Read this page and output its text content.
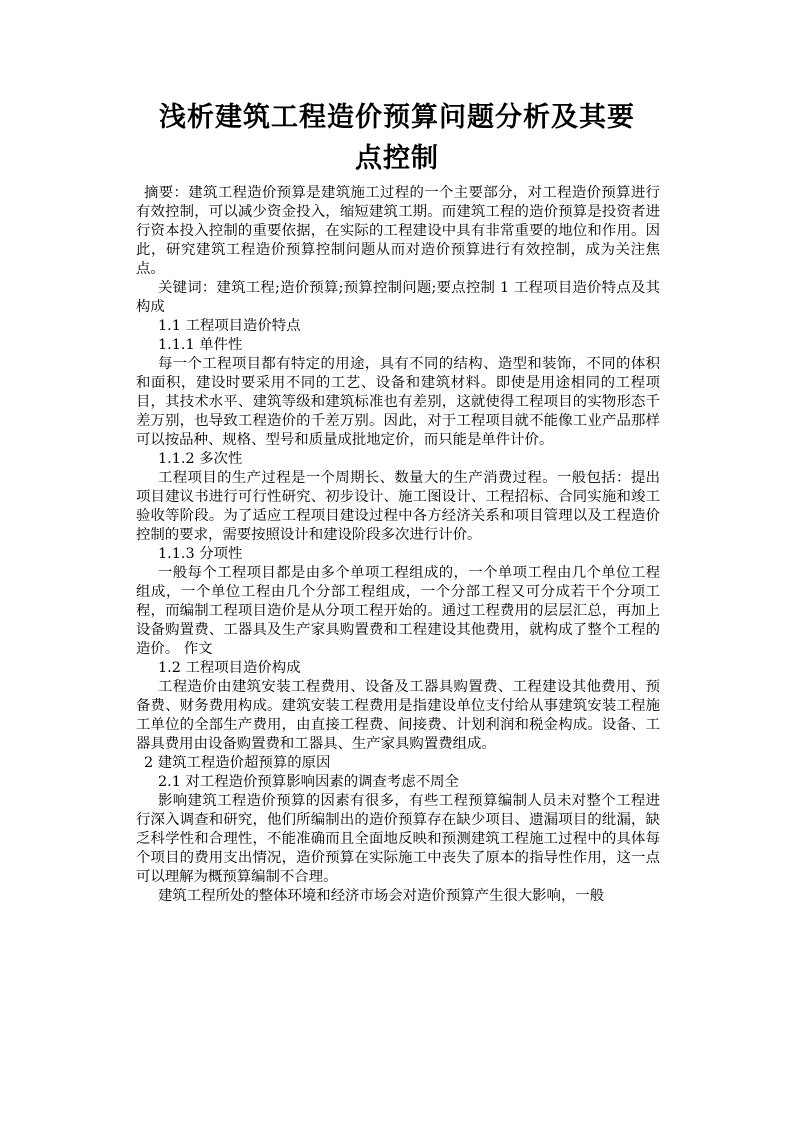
浅析建筑工程造价预算问题分析及其要
点控制

摘要：建筑工程造价预算是建筑施工过程的一个主要部分，对工程造价预算进行有效控制，可以减少资金投入，缩短建筑工期。而建筑工程的造价预算是投资者进行资本投入控制的重要依据，在实际的工程建设中具有非常重要的地位和作用。因此，研究建筑工程造价预算控制问题从而对造价预算进行有效控制，成为关注焦点。

关键词：建筑工程;造价预算;预算控制问题;要点控制 1 工程项目造价特点及其构成

1.1 工程项目造价特点

1.1.1 单件性

每一个工程项目都有特定的用途，具有不同的结构、造型和装饰，不同的体积和面积，建设时要采用不同的工艺、设备和建筑材料。即使是用途相同的工程项目，其技术水平、建筑等级和建筑标准也有差别，这就使得工程项目的实物形态千差万别，也导致工程造价的千差万别。因此，对于工程项目就不能像工业产品那样可以按品种、规格、型号和质量成批地定价，而只能是单件计价。

1.1.2 多次性

工程项目的生产过程是一个周期长、数量大的生产消费过程。一般包括：提出项目建议书进行可行性研究、初步设计、施工图设计、工程招标、合同实施和竣工验收等阶段。为了适应工程项目建设过程中各方经济关系和项目管理以及工程造价控制的要求，需要按照设计和建设阶段多次进行计价。

1.1.3 分项性

一般每个工程项目都是由多个单项工程组成的，一个单项工程由几个单位工程组成，一个单位工程由几个分部工程组成，一个分部工程又可分成若干个分项工程，而编制工程项目造价是从分项工程开始的。通过工程费用的层层汇总，再加上设备购置费、工器具及生产家具购置费和工程建设其他费用，就构成了整个工程的造价。 作文

1.2 工程项目造价构成

工程造价由建筑安装工程费用、设备及工器具购置费、工程建设其他费用、预备费、财务费用构成。建筑安装工程费用是指建设单位支付给从事建筑安装工程施工单位的全部生产费用，由直接工程费、间接费、计划利润和税金构成。设备、工器具费用由设备购置费和工器具、生产家具购置费组成。

2 建筑工程造价超预算的原因

2.1 对工程造价预算影响因素的调查考虑不周全

影响建筑工程造价预算的因素有很多，有些工程预算编制人员未对整个工程进行深入调查和研究，他们所编制出的造价预算存在缺少项目、遗漏项目的纰漏，缺乏科学性和合理性，不能准确而且全面地反映和预测建筑工程施工过程中的具体每个项目的费用支出情况，造价预算在实际施工中丧失了原本的指导性作用，这一点可以理解为概预算编制不合理。

建筑工程所处的整体环境和经济市场会对造价预算产生很大影响，一般
